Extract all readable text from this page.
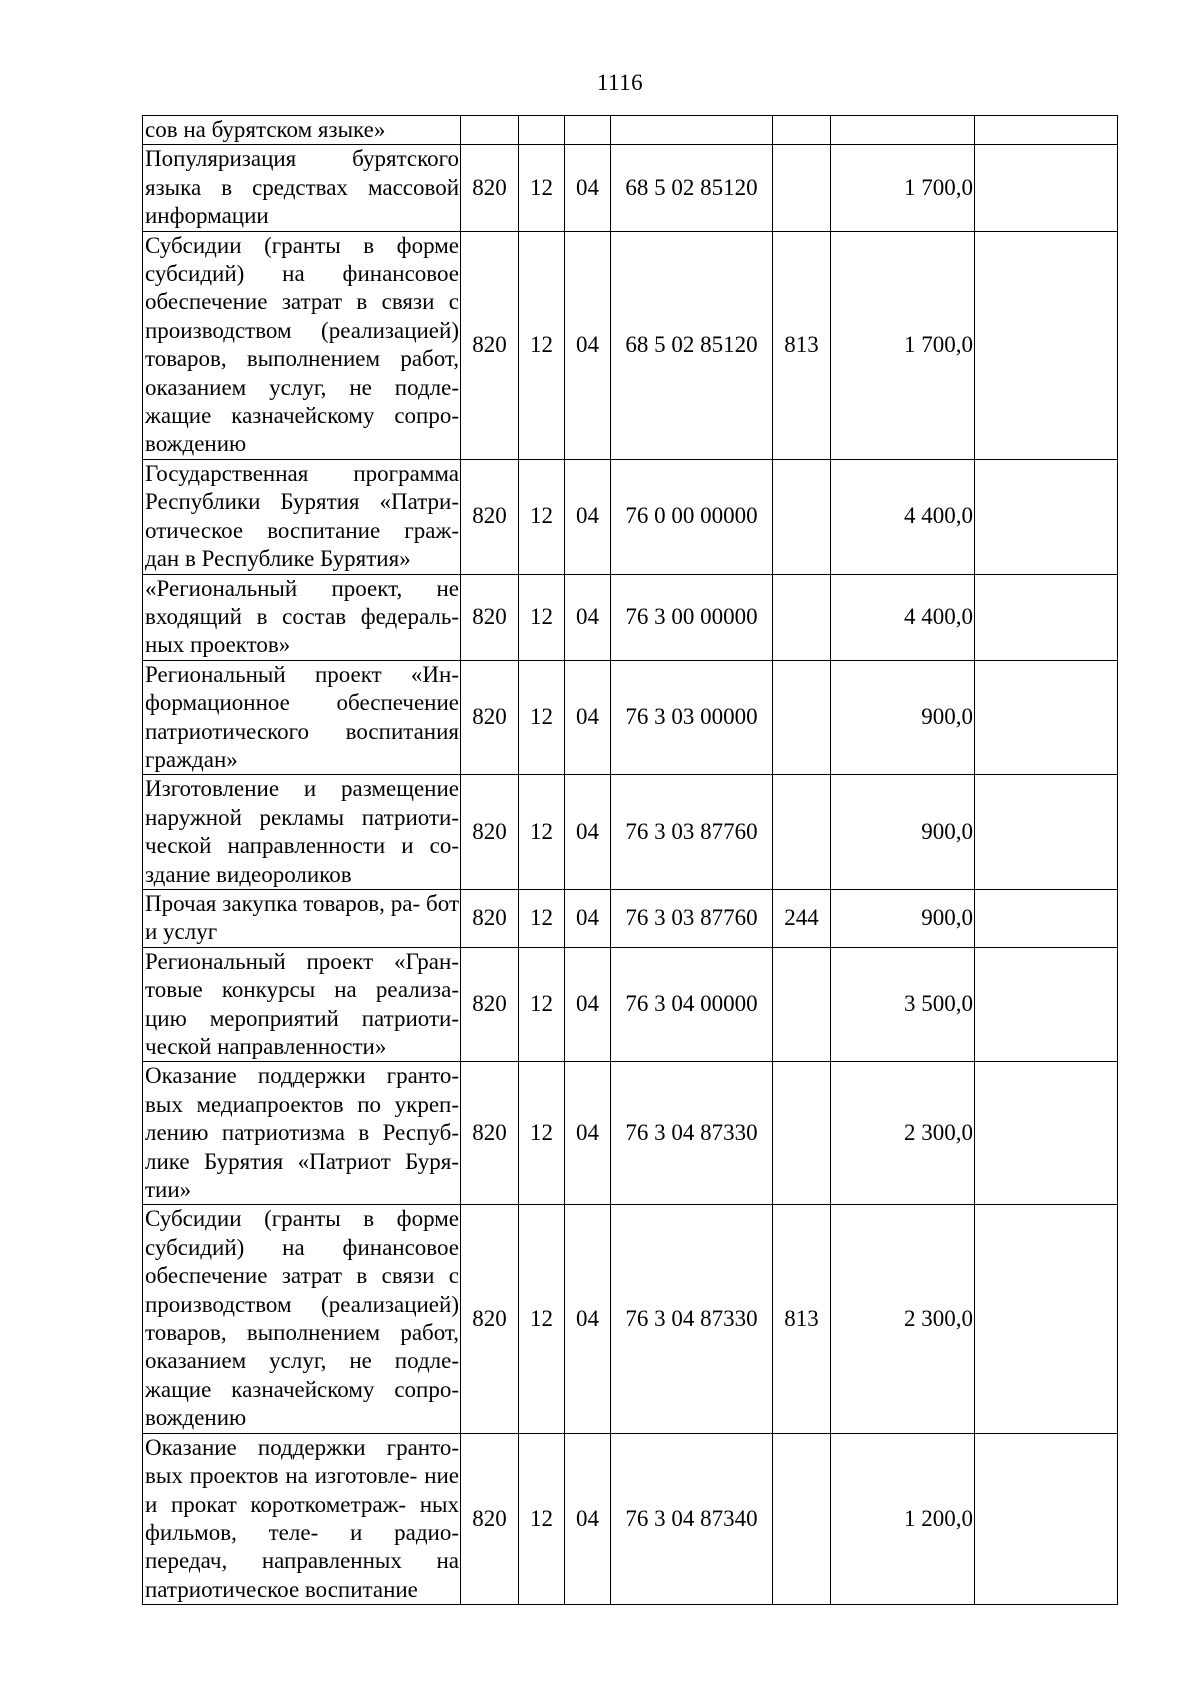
1116
сов на бурятском языке»							
Популяризация бурятского языка в средствах массовой информации	820	12	04	68 5 02 85120		1 700,0	
Субсидии (гранты в форме субсидий) на финансовое обеспечение затрат в связи с производством (реализацией) товаров, выполнением работ, оказанием услуг, не подле- жащие казначейскому сопро- вождению	820	12	04	68 5 02 85120	813	1 700,0	
Государственная программа Республики Бурятия «Патри- отическое воспитание граж- дан в Республике Бурятия»	820	12	04	76 0 00 00000		4 400,0	
«Региональный проект, не входящий в состав федераль- ных проектов»	820	12	04	76 3 00 00000		4 400,0	
Региональный проект «Ин- формационное обеспечение патриотического воспитания граждан»	820	12	04	76 3 03 00000		900,0	
Изготовление и размещение наружной рекламы патриоти- ческой направленности и со- здание видеороликов	820	12	04	76 3 03 87760		900,0	
Прочая закупка товаров, ра- бот и услуг	820	12	04	76 3 03 87760	244	900,0	
Региональный проект «Гран- товые конкурсы на реализа- цию мероприятий патриоти- ческой направленности»	820	12	04	76 3 04 00000		3 500,0	
Оказание поддержки гранто- вых медиапроектов по укреп- лению патриотизма в Респуб- лике Бурятия «Патриот Буря- тии»	820	12	04	76 3 04 87330		2 300,0	
Субсидии (гранты в форме субсидий) на финансовое обеспечение затрат в связи с производством (реализацией) товаров, выполнением работ, оказанием услуг, не подле- жащие казначейскому сопро- вождению	820	12	04	76 3 04 87330	813	2 300,0	
Оказание поддержки гранто- вых проектов на изготовле- ние и прокат короткометраж- ных фильмов, теле- и радио- передач, направленных на патриотическое воспитание	820	12	04	76 3 04 87340		1 200,0	
